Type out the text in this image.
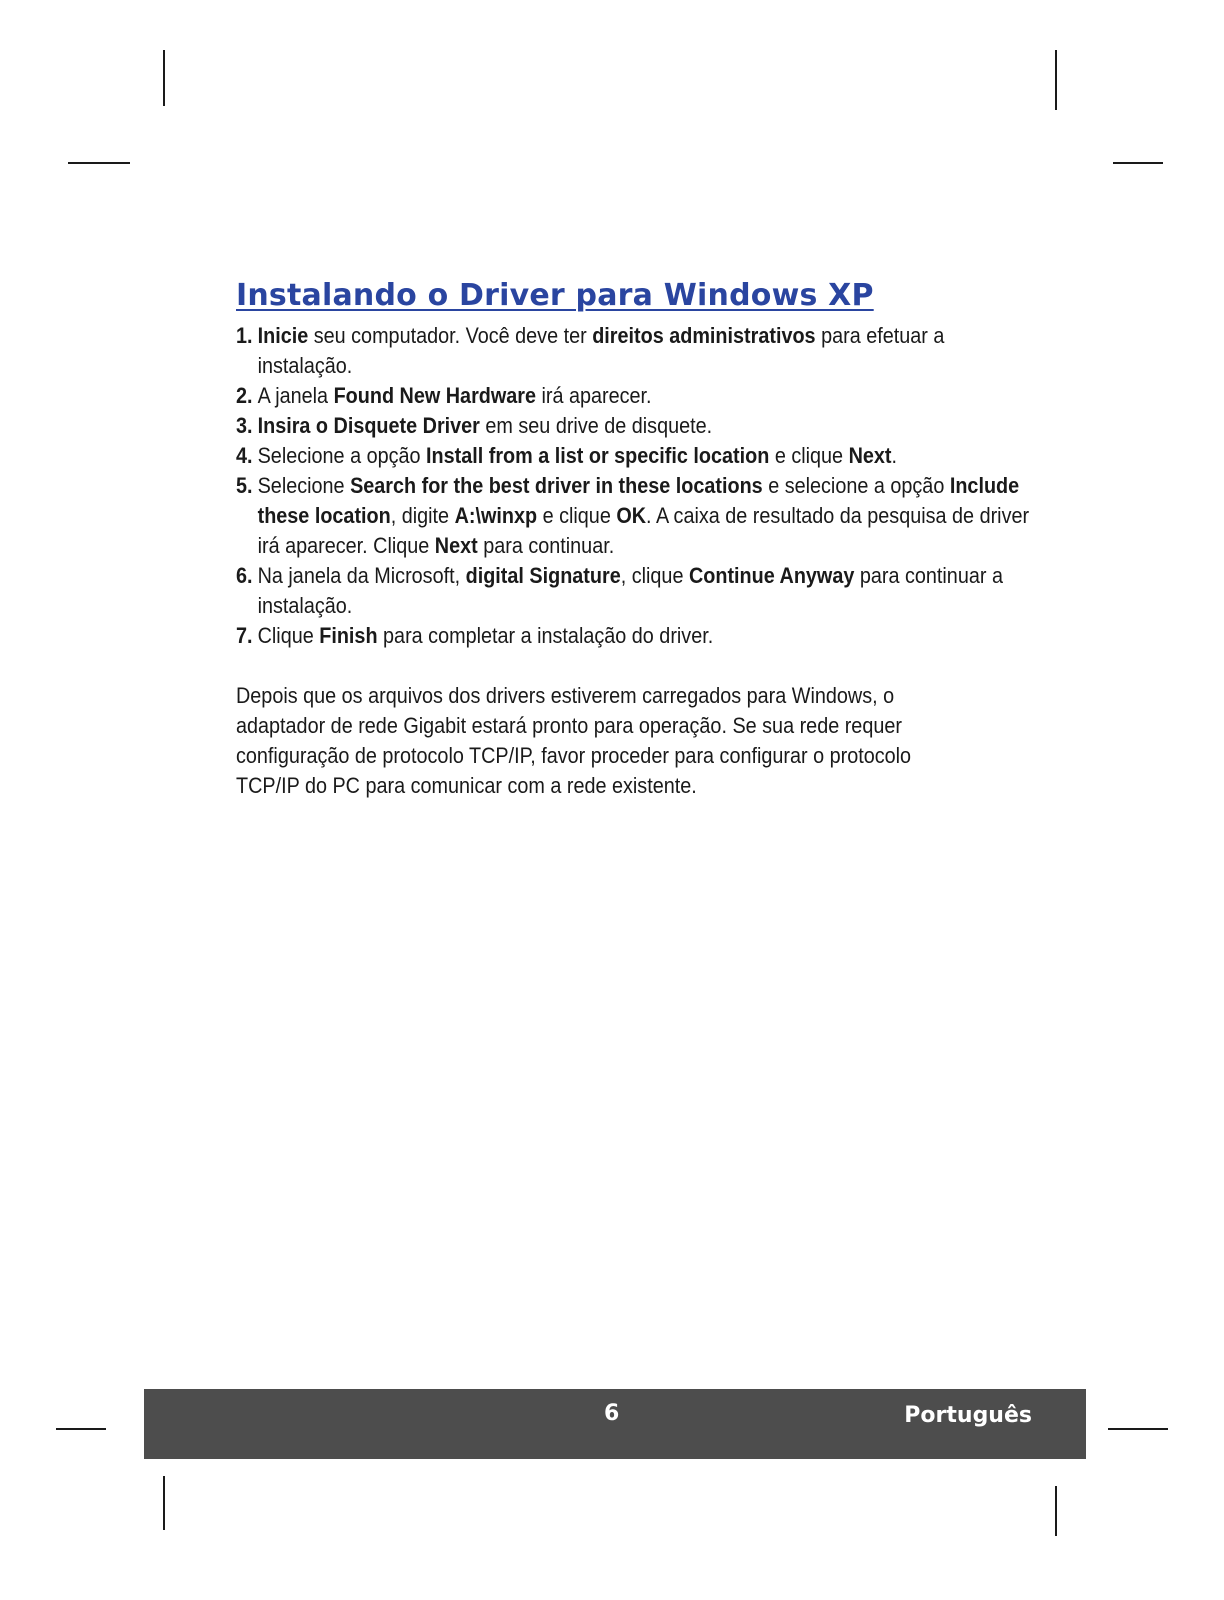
Instalando o Driver para Windows XP
1. Inicie seu computador. Você deve ter direitos administrativos para efetuar a instalação.
2. A janela Found New Hardware irá aparecer.
3. Insira o Disquete Driver em seu drive de disquete.
4. Selecione a opção Install from a list or specific location e clique Next.
5. Selecione Search for the best driver in these locations e selecione a opção Include these location, digite A:\winxp e clique OK. A caixa de resultado da pesquisa de driver irá aparecer. Clique Next para continuar.
6. Na janela da Microsoft, digital Signature, clique Continue Anyway para continuar a instalação.
7. Clique Finish para completar a instalação do driver.

Depois que os arquivos dos drivers estiverem carregados para Windows, o adaptador de rede Gigabit estará pronto para operação. Se sua rede requer configuração de protocolo TCP/IP, favor proceder para configurar o protocolo TCP/IP do PC para comunicar com a rede existente.

6	Português
